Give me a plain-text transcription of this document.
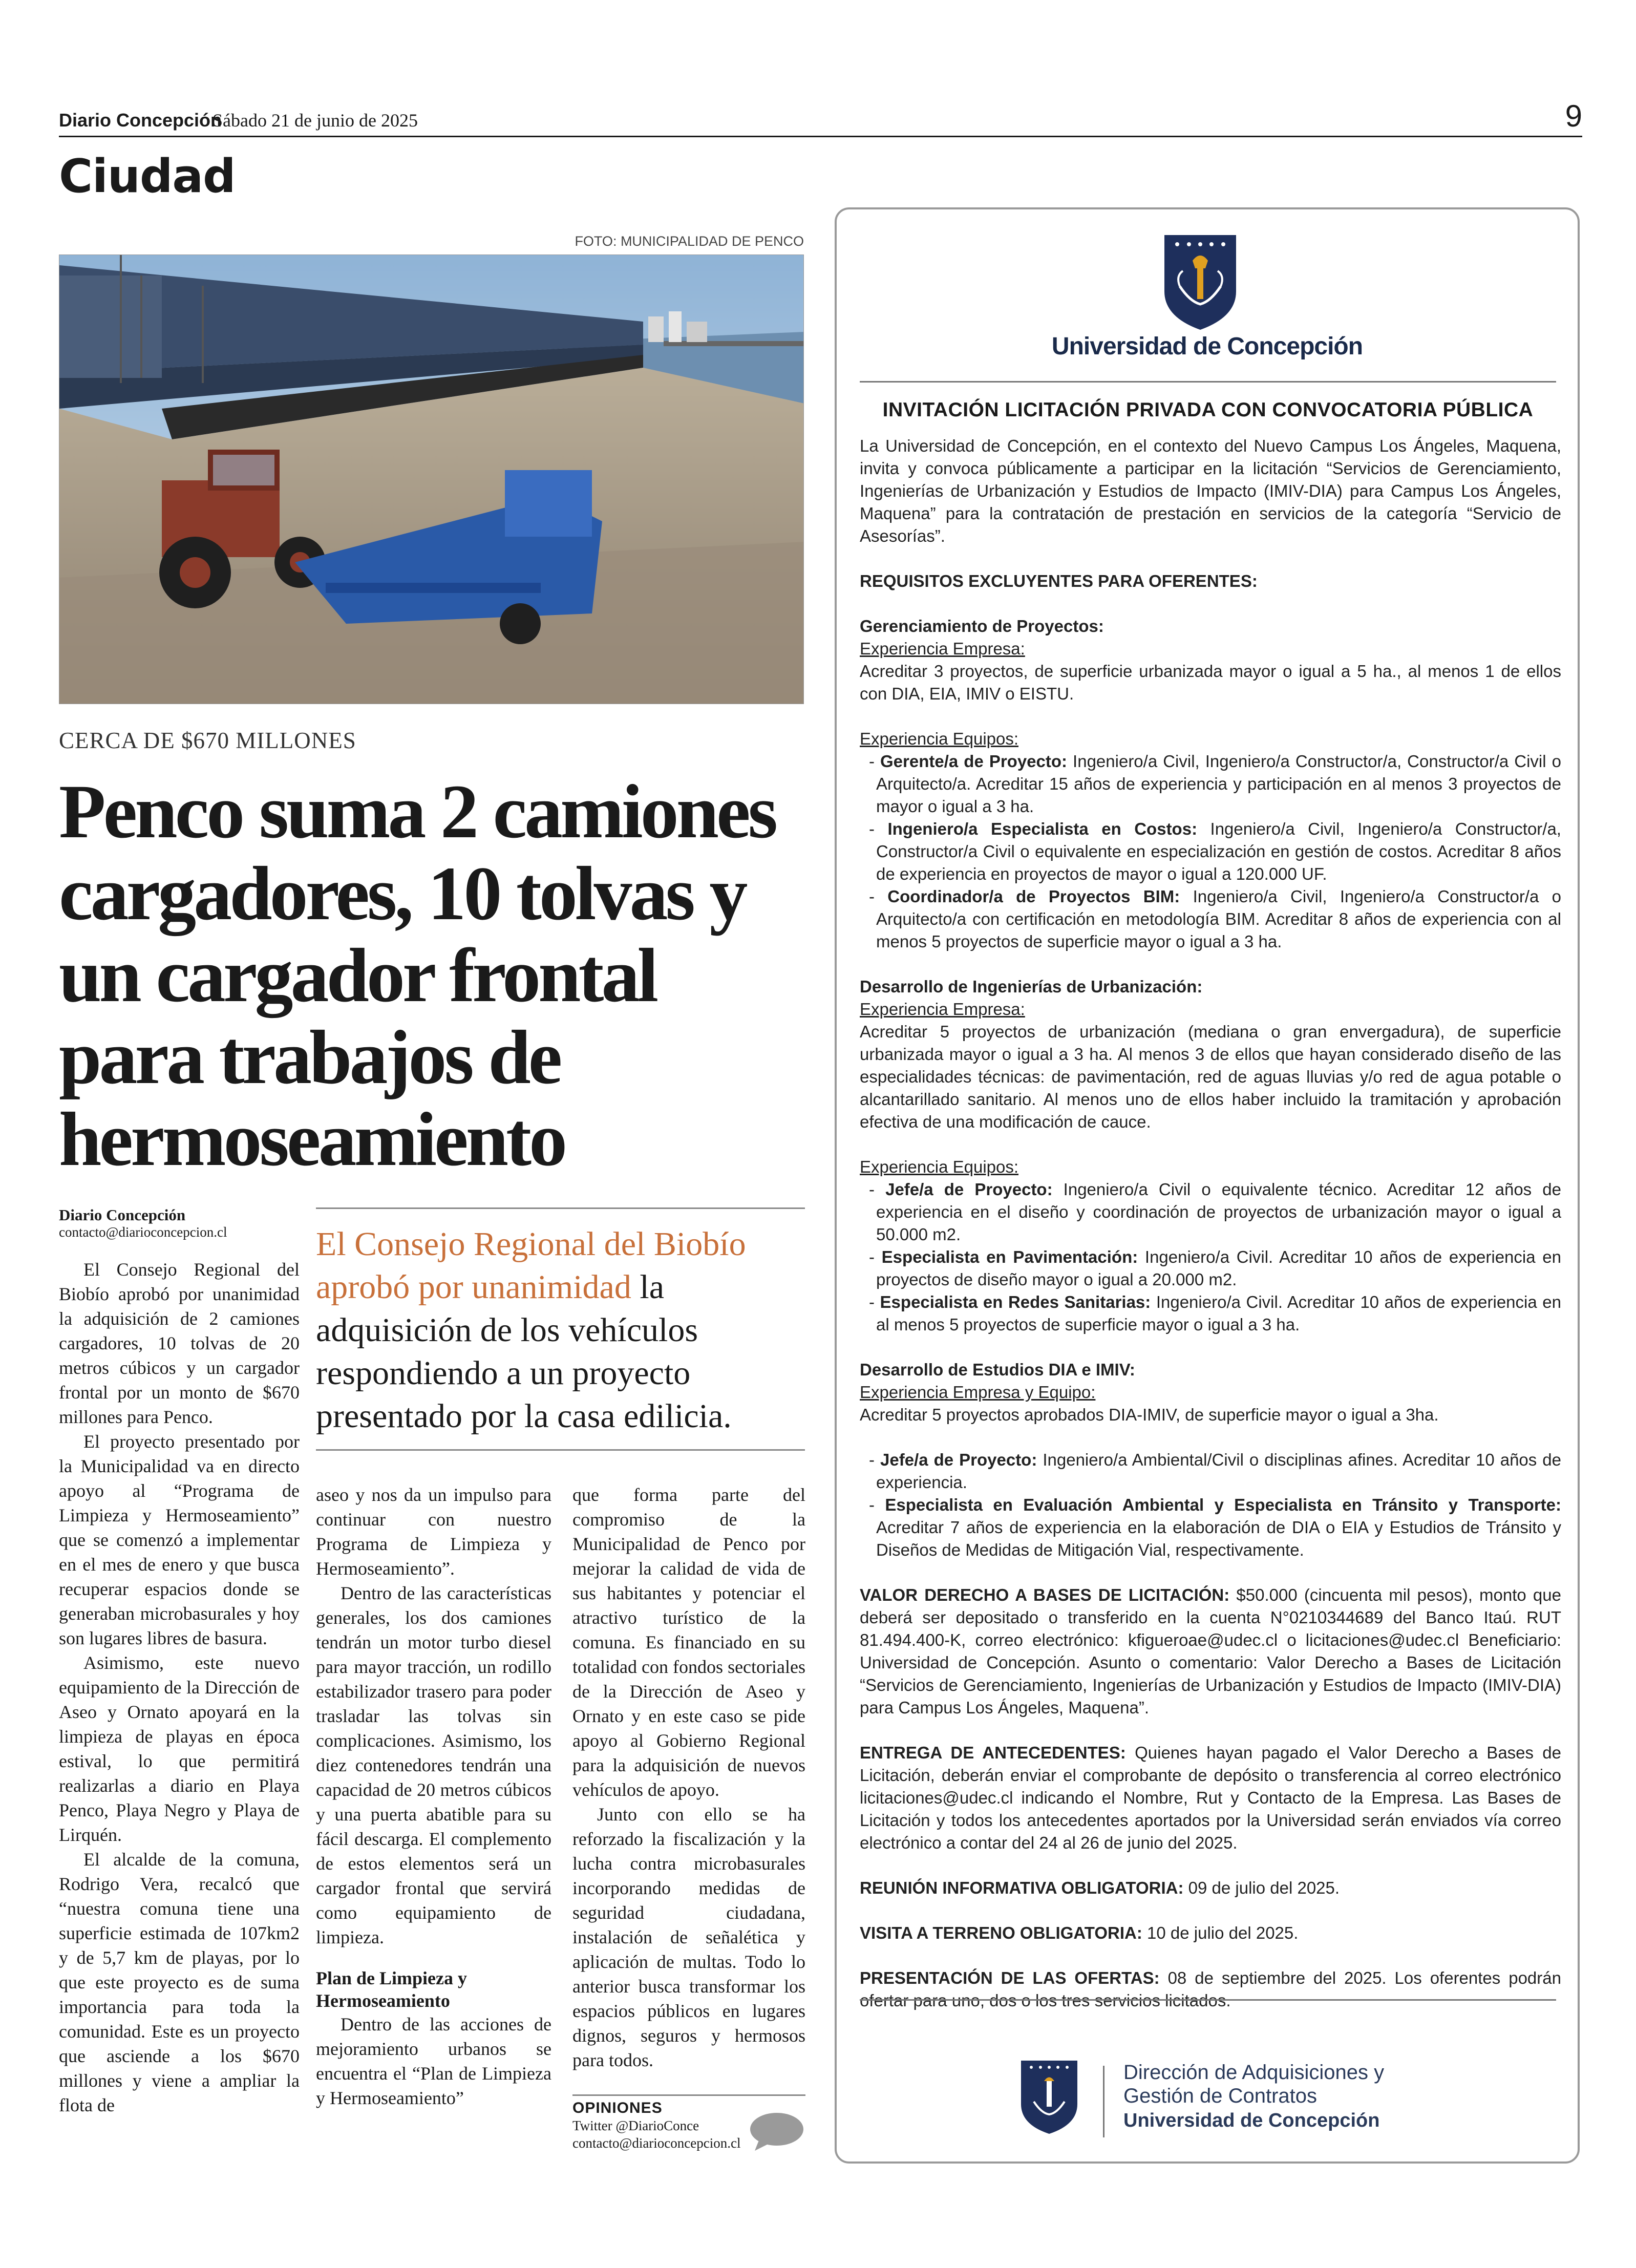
Diario Concepción
Sábado 21 de junio de 2025	9
Ciudad
FOTO: MUNICIPALIDAD DE PENCO
CERCA DE $670 MILLONES
Penco suma 2 camiones cargadores, 10 tolvas y un cargador frontal para trabajos de hermoseamiento
Diario Concepción
contacto@diarioconcepcion.cl	El Consejo Regional del Biobío aprobó por unanimidad la adquisición de los vehículos respondiendo a un proyecto presentado por la casa edilicia.

El Consejo Regional del Biobío aprobó por unanimidad la adquisición de 2 camiones cargadores, 10 tolvas de 20 metros cúbicos y un cargador frontal por un monto de $670 millones para Penco.

El proyecto presentado por la Municipalidad va en directo apoyo al “Programa de Limpieza y Hermoseamiento” que se comenzó a implementar en el mes de enero y que busca recuperar espacios donde se generaban microbasurales y hoy son lugares libres de basura.

Asimismo, este nuevo equipamiento de la Dirección de Aseo y Ornato apoyará en la limpieza de playas en época estival, lo que permitirá realizarlas a diario en Playa Penco, Playa Negro y Playa de Lirquén.

El alcalde de la comuna, Rodrigo Vera, recalcó que “nuestra comuna tiene una superficie estimada de 107km2 y de 5,7 km de playas, por lo que este proyecto es de suma importancia para toda la comunidad. Este es un proyecto que asciende a los $670 millones y viene a ampliar la flota de

aseo y nos da un impulso para continuar con nuestro Programa de Limpieza y Hermoseamiento”.

Dentro de las características generales, los dos camiones tendrán un motor turbo diesel para mayor tracción, un rodillo estabilizador trasero para poder trasladar las tolvas sin complicaciones. Asimismo, los diez contenedores tendrán una capacidad de 20 metros cúbicos y una puerta abatible para su fácil descarga. El complemento de estos elementos será un cargador frontal que servirá como equipamiento de limpieza.

Plan de Limpieza y Hermoseamiento

Dentro de las acciones de mejoramiento urbanos se encuentra el “Plan de Limpieza y Hermoseamiento”

que forma parte del compromiso de la Municipalidad de Penco por mejorar la calidad de vida de sus habitantes y potenciar el atractivo turístico de la comuna. Es financiado en su totalidad con fondos sectoriales de la Dirección de Aseo y Ornato y en este caso se pide apoyo al Gobierno Regional para la adquisición de nuevos vehículos de apoyo.

Junto con ello se ha reforzado la fiscalización y la lucha contra microbasurales incorporando medidas de seguridad ciudadana, instalación de señalética y aplicación de multas. Todo lo anterior busca transformar los espacios públicos en lugares dignos, seguros y hermosos para todos.

OPINIONES
Twitter @DiarioConce
contacto@diarioconcepcion.cl
Universidad de Concepción
INVITACIÓN LICITACIÓN PRIVADA CON CONVOCATORIA PÚBLICA

La Universidad de Concepción, en el contexto del Nuevo Campus Los Ángeles, Maquena, invita y convoca públicamente a participar en la licitación “Servicios de Gerenciamiento, Ingenierías de Urbanización y Estudios de Impacto (IMIV-DIA) para Campus Los Ángeles, Maquena” para la contratación de prestación en servicios de la categoría “Servicio de Asesorías”.

REQUISITOS EXCLUYENTES PARA OFERENTES:

Gerenciamiento de Proyectos:

Experiencia Empresa:

Acreditar 3 proyectos, de superficie urbanizada mayor o igual a 5 ha., al menos 1 de ellos con DIA, EIA, IMIV o EISTU.

Experiencia Equipos:

- Gerente/a de Proyecto: Ingeniero/a Civil, Ingeniero/a Constructor/a, Constructor/a Civil o Arquitecto/a. Acreditar 15 años de experiencia y participación en al menos 3 proyectos de mayor o igual a 3 ha.

- Ingeniero/a Especialista en Costos: Ingeniero/a Civil, Ingeniero/a Constructor/a, Constructor/a Civil o equivalente en especialización en gestión de costos. Acreditar 8 años de experiencia en proyectos de mayor o igual a 120.000 UF.

- Coordinador/a de Proyectos BIM: Ingeniero/a Civil, Ingeniero/a Constructor/a o Arquitecto/a con certificación en metodología BIM. Acreditar 8 años de experiencia con al menos 5 proyectos de superficie mayor o igual a 3 ha.

Desarrollo de Ingenierías de Urbanización:

Experiencia Empresa:

Acreditar 5 proyectos de urbanización (mediana o gran envergadura), de superficie urbanizada mayor o igual a 3 ha. Al menos 3 de ellos que hayan considerado diseño de las especialidades técnicas: de pavimentación, red de aguas lluvias y/o red de agua potable o alcantarillado sanitario. Al menos uno de ellos haber incluido la tramitación y aprobación efectiva de una modificación de cauce.

Experiencia Equipos:

- Jefe/a de Proyecto: Ingeniero/a Civil o equivalente técnico. Acreditar 12 años de experiencia en el diseño y coordinación de proyectos de urbanización mayor o igual a 50.000 m2.

- Especialista en Pavimentación: Ingeniero/a Civil. Acreditar 10 años de experiencia en proyectos de diseño mayor o igual a 20.000 m2.

- Especialista en Redes Sanitarias: Ingeniero/a Civil. Acreditar 10 años de experiencia en al menos 5 proyectos de superficie mayor o igual a 3 ha.

Desarrollo de Estudios DIA e IMIV:

Experiencia Empresa y Equipo:

Acreditar 5 proyectos aprobados DIA-IMIV, de superficie mayor o igual a 3ha.

- Jefe/a de Proyecto: Ingeniero/a Ambiental/Civil o disciplinas afines. Acreditar 10 años de experiencia.

- Especialista en Evaluación Ambiental y Especialista en Tránsito y Transporte: Acreditar 7 años de experiencia en la elaboración de DIA o EIA y Estudios de Tránsito y Diseños de Medidas de Mitigación Vial, respectivamente.

VALOR DERECHO A BASES DE LICITACIÓN: $50.000 (cincuenta mil pesos), monto que deberá ser depositado o transferido en la cuenta N°0210344689 del Banco Itaú. RUT 81.494.400-K, correo electrónico: kfigueroae@udec.cl o licitaciones@udec.cl Beneficiario: Universidad de Concepción. Asunto o comentario: Valor Derecho a Bases de Licitación “Servicios de Gerenciamiento, Ingenierías de Urbanización y Estudios de Impacto (IMIV-DIA) para Campus Los Ángeles, Maquena”.

ENTREGA DE ANTECEDENTES: Quienes hayan pagado el Valor Derecho a Bases de Licitación, deberán enviar el comprobante de depósito o transferencia al correo electrónico licitaciones@udec.cl indicando el Nombre, Rut y Contacto de la Empresa. Las Bases de Licitación y todos los antecedentes aportados por la Universidad serán enviados vía correo electrónico a contar del 24 al 26 de junio del 2025.

REUNIÓN INFORMATIVA OBLIGATORIA: 09 de julio del 2025.

VISITA A TERRENO OBLIGATORIA: 10 de julio del 2025.

PRESENTACIÓN DE LAS OFERTAS: 08 de septiembre del 2025. Los oferentes podrán ofertar para uno, dos o los tres servicios licitados.

Dirección de Adquisiciones y
Gestión de Contratos
Universidad de Concepción
